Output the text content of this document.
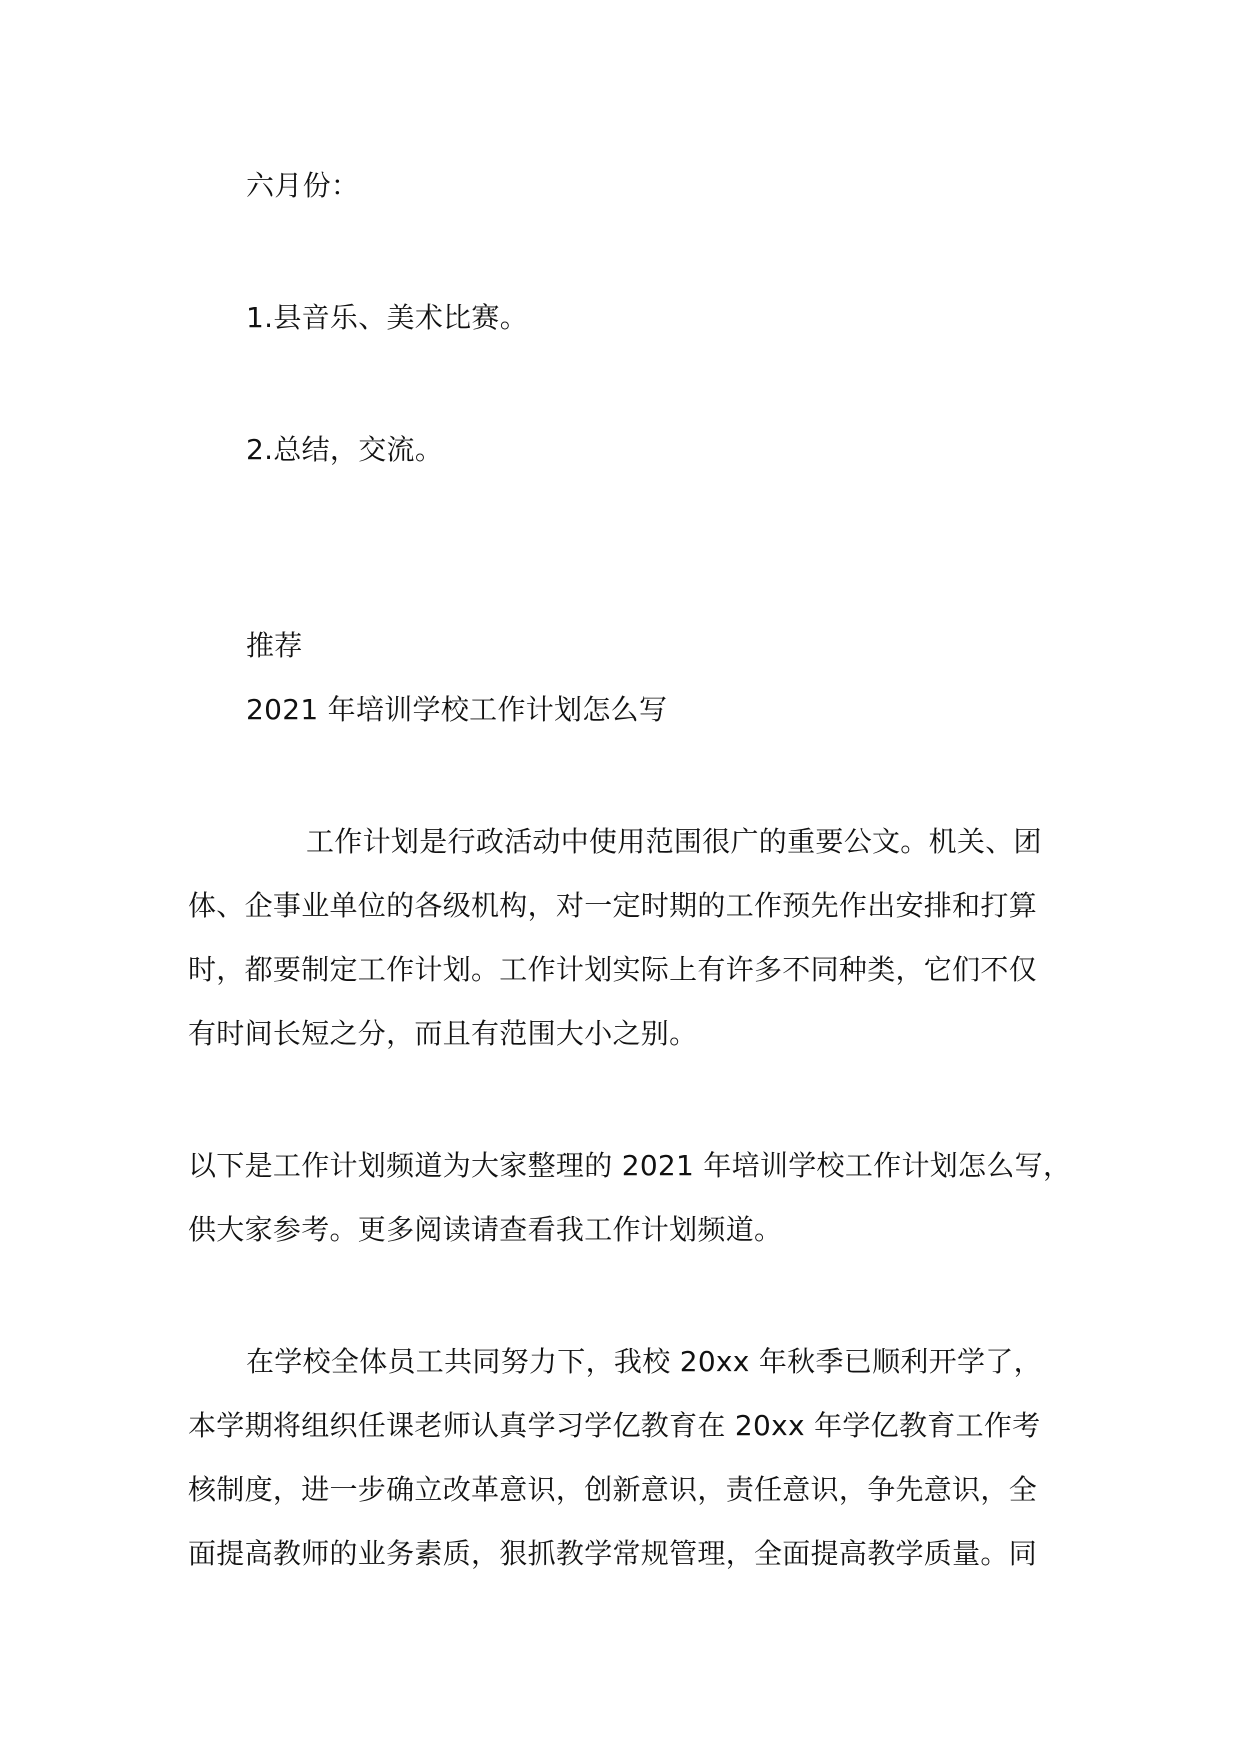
六月份：
1.县音乐、美术比赛。
2.总结，交流。
推荐
2021 年培训学校工作计划怎么写
工作计划是行政活动中使用范围很广的重要公文。机关、团
体、企事业单位的各级机构，对一定时期的工作预先作出安排和打算
时，都要制定工作计划。工作计划实际上有许多不同种类，它们不仅
有时间长短之分，而且有范围大小之别。
以下是工作计划频道为大家整理的 2021 年培训学校工作计划怎么写，
供大家参考。更多阅读请查看我工作计划频道。
在学校全体员工共同努力下，我校 20xx 年秋季已顺利开学了，
本学期将组织任课老师认真学习学亿教育在 20xx 年学亿教育工作考
核制度，进一步确立改革意识，创新意识，责任意识，争先意识，全
面提高教师的业务素质，狠抓教学常规管理，全面提高教学质量。同
